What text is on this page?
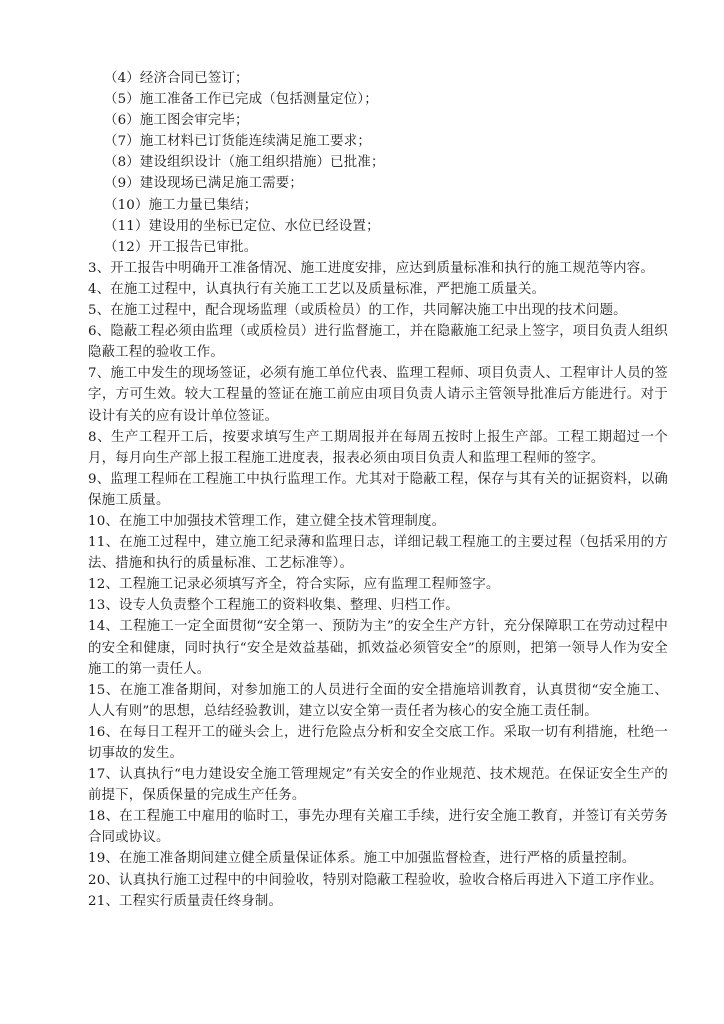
（4）经济合同已签订；

（5）施工准备工作已完成（包括测量定位）；

（6）施工图会审完毕；

（7）施工材料已订货能连续满足施工要求；

（8）建设组织设计（施工组织措施）已批准；

（9）建设现场已满足施工需要；

（10）施工力量已集结；

（11）建设用的坐标已定位、水位已经设置；

（12）开工报告已审批。

3、开工报告中明确开工准备情况、施工进度安排，应达到质量标准和执行的施工规范等内容。

4、在施工过程中，认真执行有关施工工艺以及质量标准，严把施工质量关。

5、在施工过程中，配合现场监理（或质检员）的工作，共同解决施工中出现的技术问题。

6、隐蔽工程必须由监理（或质检员）进行监督施工，并在隐蔽施工纪录上签字，项目负责人组织隐蔽工程的验收工作。

7、施工中发生的现场签证，必须有施工单位代表、监理工程师、项目负责人、工程审计人员的签字，方可生效。较大工程量的签证在施工前应由项目负责人请示主管领导批准后方能进行。对于设计有关的应有设计单位签证。

8、生产工程开工后，按要求填写生产工期周报并在每周五按时上报生产部。工程工期超过一个月，每月向生产部上报工程施工进度表，报表必须由项目负责人和监理工程师的签字。

9、监理工程师在工程施工中执行监理工作。尤其对于隐蔽工程，保存与其有关的证据资料，以确保施工质量。

10、在施工中加强技术管理工作，建立健全技术管理制度。

11、在施工过程中，建立施工纪录薄和监理日志，详细记载工程施工的主要过程（包括采用的方法、措施和执行的质量标准、工艺标准等）。

12、工程施工记录必须填写齐全，符合实际，应有监理工程师签字。

13、设专人负责整个工程施工的资料收集、整理、归档工作。

14、工程施工一定全面贯彻“安全第一、预防为主”的安全生产方针，充分保障职工在劳动过程中的安全和健康，同时执行“安全是效益基础，抓效益必须管安全”的原则，把第一领导人作为安全施工的第一责任人。

15、在施工准备期间，对参加施工的人员进行全面的安全措施培训教育，认真贯彻“安全施工、人人有则”的思想，总结经验教训，建立以安全第一责任者为核心的安全施工责任制。

16、在每日工程开工的碰头会上，进行危险点分析和安全交底工作。采取一切有利措施，杜绝一切事故的发生。

17、认真执行“电力建设安全施工管理规定”有关安全的作业规范、技术规范。在保证安全生产的前提下，保质保量的完成生产任务。

18、在工程施工中雇用的临时工，事先办理有关雇工手续，进行安全施工教育，并签订有关劳务合同或协议。

19、在施工准备期间建立健全质量保证体系。施工中加强监督检查，进行严格的质量控制。

20、认真执行施工过程中的中间验收，特别对隐蔽工程验收，验收合格后再进入下道工序作业。

21、工程实行质量责任终身制。
